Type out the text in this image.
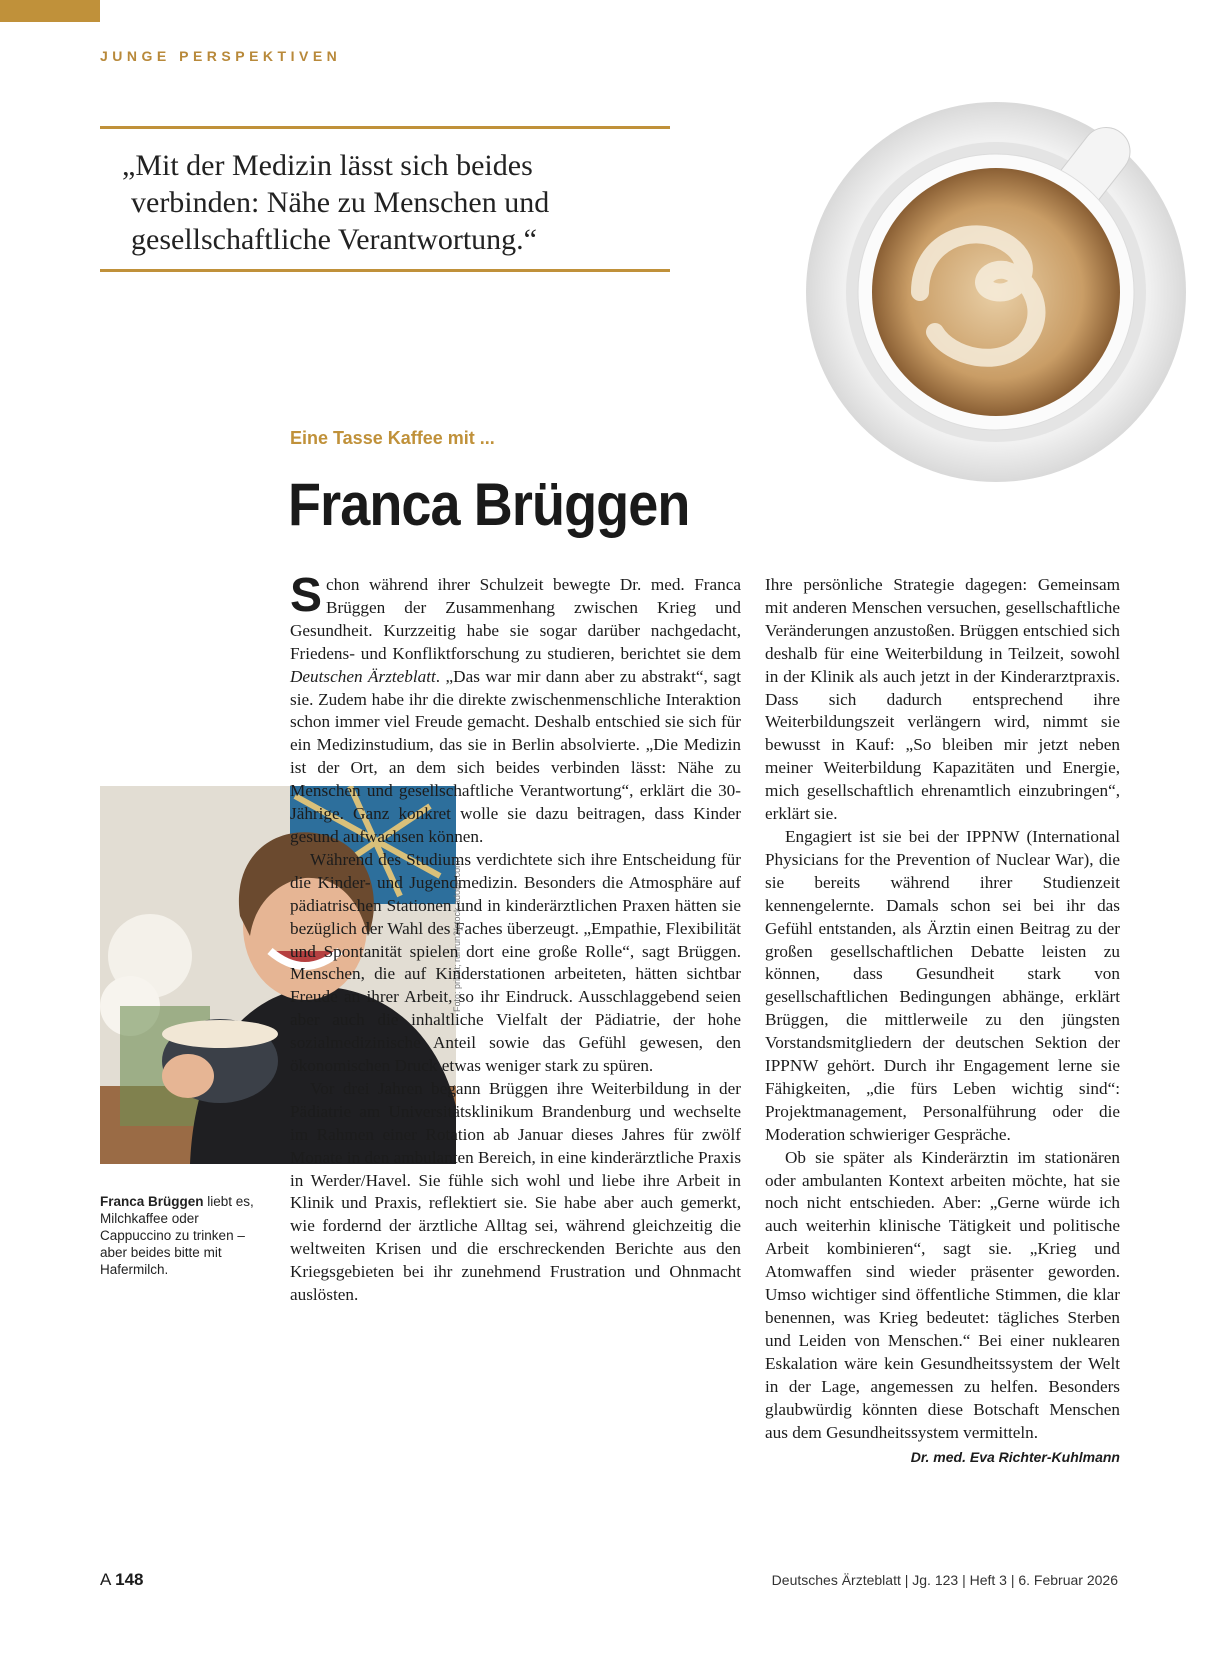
JUNGE PERSPEKTIVEN

„Mit der Medizin lässt sich beides verbinden: Nähe zu Menschen und gesellschaftliche Verantwortung.“

Eine Tasse Kaffee mit ...
Franca Brüggen
Foto: privat; runrun2/stock.adobe.com
Franca Brüggen liebt es, Milchkaffee oder Cappuccino zu trinken – aber beides bitte mit Hafermilch.

Schon während ihrer Schulzeit bewegte Dr. med. Franca Brüggen der Zusammenhang zwischen Krieg und Gesundheit. Kurzzeitig habe sie sogar darüber nachgedacht, Friedens- und Konfliktforschung zu studieren, berichtet sie dem Deutschen Ärzteblatt. „Das war mir dann aber zu abstrakt“, sagt sie. Zudem habe ihr die direkte zwischenmenschliche Interaktion schon immer viel Freude gemacht. Deshalb entschied sie sich für ein Medizinstudium, das sie in Berlin absolvierte. „Die Medizin ist der Ort, an dem sich beides verbinden lässt: Nähe zu Menschen und gesellschaftliche Verantwortung“, erklärt die 30-Jährige. Ganz konkret wolle sie dazu beitragen, dass Kinder gesund aufwachsen können.

Während des Studiums verdichtete sich ihre Entscheidung für die Kinder- und Jugendmedizin. Besonders die Atmosphäre auf pädiatrischen Stationen und in kinderärztlichen Praxen hätten sie bezüglich der Wahl des Faches überzeugt. „Empathie, Flexibilität und Spontanität spielen dort eine große Rolle“, sagt Brüggen. Menschen, die auf Kinderstationen arbeiteten, hätten sichtbar Freude an ihrer Arbeit, so ihr Eindruck. Ausschlaggebend seien aber auch die inhaltliche Vielfalt der Pädiatrie, der hohe sozialmedizinische Anteil sowie das Gefühl gewesen, den ökonomischen Druck etwas weniger stark zu spüren.

Vor drei Jahren begann Brüggen ihre Weiterbildung in der Pädiatrie am Universitätsklinikum Brandenburg und wechselte im Rahmen einer Rotation ab Januar dieses Jahres für zwölf Monate in den ambulanten Bereich, in eine kinderärztliche Praxis in Werder/Havel. Sie fühle sich wohl und liebe ihre Arbeit in Klinik und Praxis, reflektiert sie. Sie habe aber auch gemerkt, wie fordernd der ärztliche Alltag sei, während gleichzeitig die weltweiten Krisen und die erschreckenden Berichte aus den Kriegsgebieten bei ihr zunehmend Frustration und Ohnmacht auslösten.

Ihre persönliche Strategie dagegen: Gemeinsam mit anderen Menschen versuchen, gesellschaftliche Veränderungen anzustoßen. Brüggen entschied sich deshalb für eine Weiterbildung in Teilzeit, sowohl in der Klinik als auch jetzt in der Kinderarztpraxis. Dass sich dadurch entsprechend ihre Weiterbildungszeit verlängern wird, nimmt sie bewusst in Kauf: „So bleiben mir jetzt neben meiner Weiterbildung Kapazitäten und Energie, mich gesellschaftlich ehrenamtlich einzubringen“, erklärt sie.

Engagiert ist sie bei der IPPNW (International Physicians for the Prevention of Nuclear War), die sie bereits während ihrer Studienzeit kennengelernte. Damals schon sei bei ihr das Gefühl entstanden, als Ärztin einen Beitrag zu der großen gesellschaftlichen Debatte leisten zu können, dass Gesundheit stark von gesellschaftlichen Bedingungen abhänge, erklärt Brüggen, die mittlerweile zu den jüngsten Vorstandsmitgliedern der deutschen Sektion der IPPNW gehört. Durch ihr Engagement lerne sie Fähigkeiten, „die fürs Leben wichtig sind“: Projektmanagement, Personalführung oder die Moderation schwieriger Gespräche.

Ob sie später als Kinderärztin im stationären oder ambulanten Kontext arbeiten möchte, hat sie noch nicht entschieden. Aber: „Gerne würde ich auch weiterhin klinische Tätigkeit und politische Arbeit kombinieren“, sagt sie. „Krieg und Atomwaffen sind wieder präsenter geworden. Umso wichtiger sind öffentliche Stimmen, die klar benennen, was Krieg bedeutet: tägliches Sterben und Leiden von Menschen.“ Bei einer nuklearen Eskalation wäre kein Gesundheitssystem der Welt in der Lage, angemessen zu helfen. Besonders glaubwürdig könnten diese Botschaft Menschen aus dem Gesundheitssystem vermitteln.
Dr. med. Eva Richter-Kuhlmann

A 148	Deutsches Ärzteblatt | Jg. 123 | Heft 3 | 6. Februar 2026
